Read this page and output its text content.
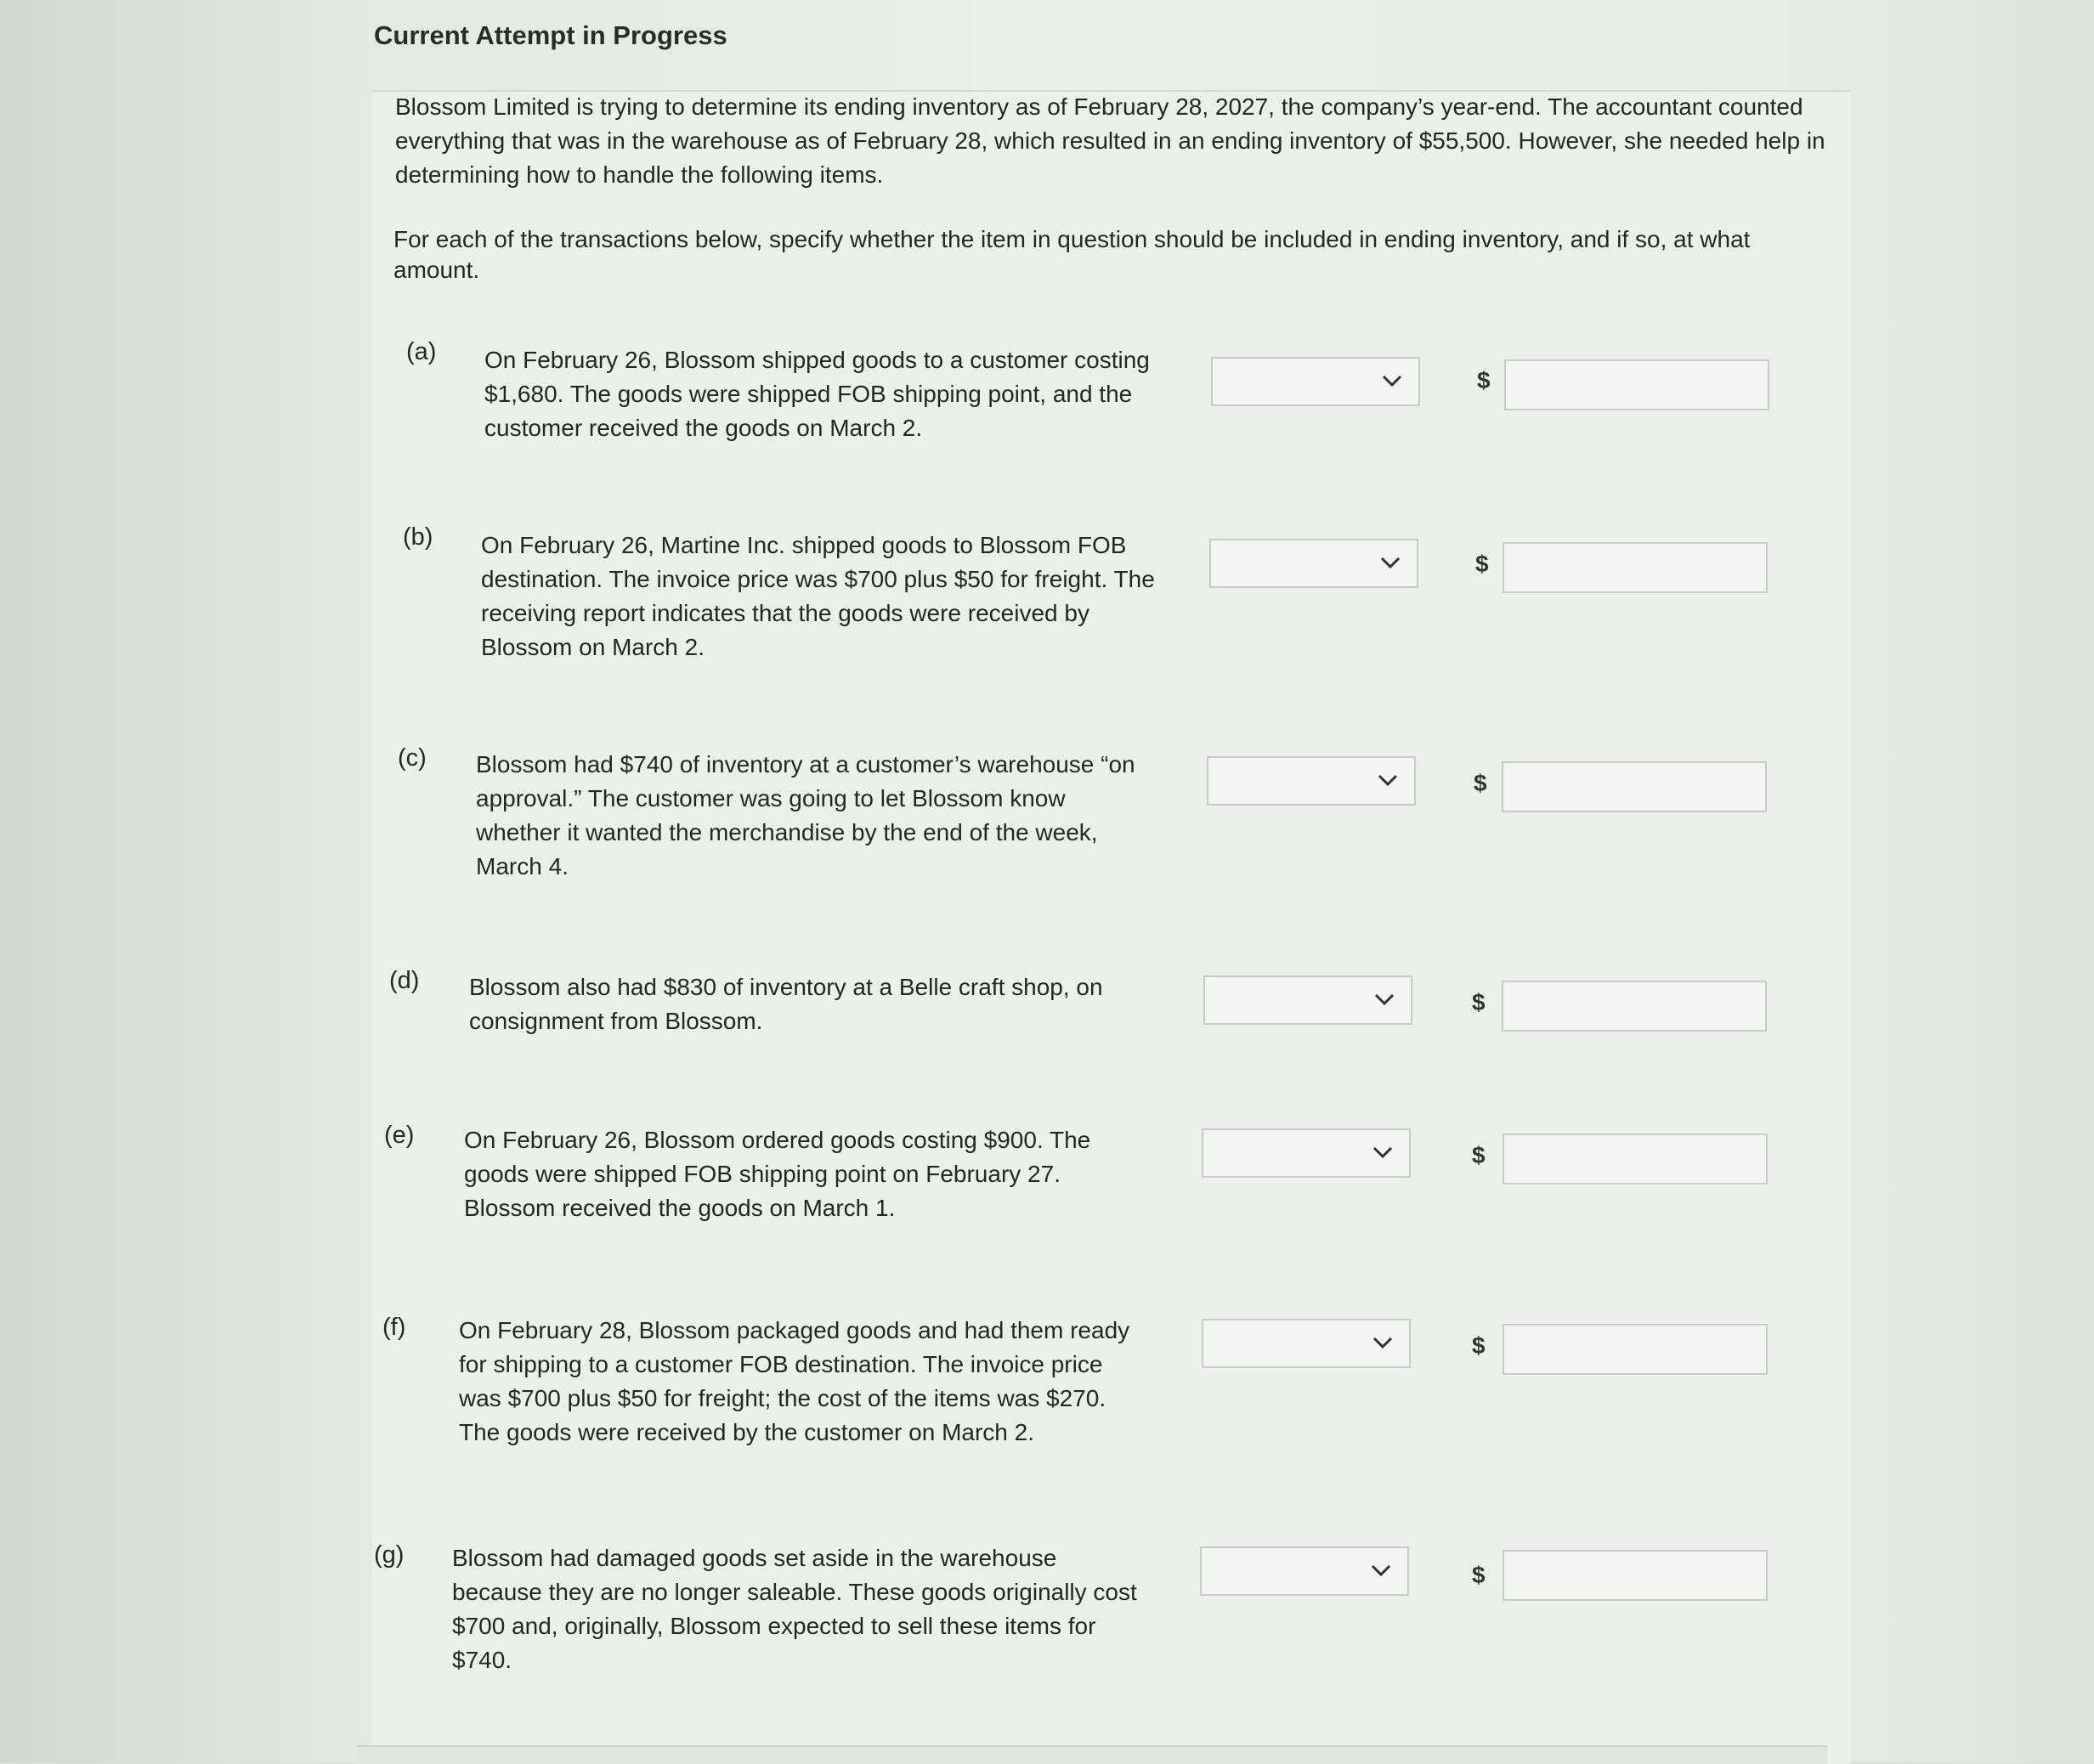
Current Attempt in Progress
Blossom Limited is trying to determine its ending inventory as of February 28, 2027, the company’s year-end. The accountant counted everything that was in the warehouse as of February 28, which resulted in an ending inventory of $55,500. However, she needed help in determining how to handle the following items.
For each of the transactions below, specify whether the item in question should be included in ending inventory, and if so, at what amount.
(a) On February 26, Blossom shipped goods to a customer costing $1,680. The goods were shipped FOB shipping point, and the customer received the goods on March 2.
$
(b) On February 26, Martine Inc. shipped goods to Blossom FOB destination. The invoice price was $700 plus $50 for freight. The receiving report indicates that the goods were received by Blossom on March 2.
$
(c) Blossom had $740 of inventory at a customer’s warehouse “on approval.” The customer was going to let Blossom know whether it wanted the merchandise by the end of the week, March 4.
$
(d) Blossom also had $830 of inventory at a Belle craft shop, on consignment from Blossom.
$
(e) On February 26, Blossom ordered goods costing $900. The goods were shipped FOB shipping point on February 27. Blossom received the goods on March 1.
$
(f) On February 28, Blossom packaged goods and had them ready for shipping to a customer FOB destination. The invoice price was $700 plus $50 for freight; the cost of the items was $270. The goods were received by the customer on March 2.
$
(g) Blossom had damaged goods set aside in the warehouse because they are no longer saleable. These goods originally cost $700 and, originally, Blossom expected to sell these items for $740.
$
